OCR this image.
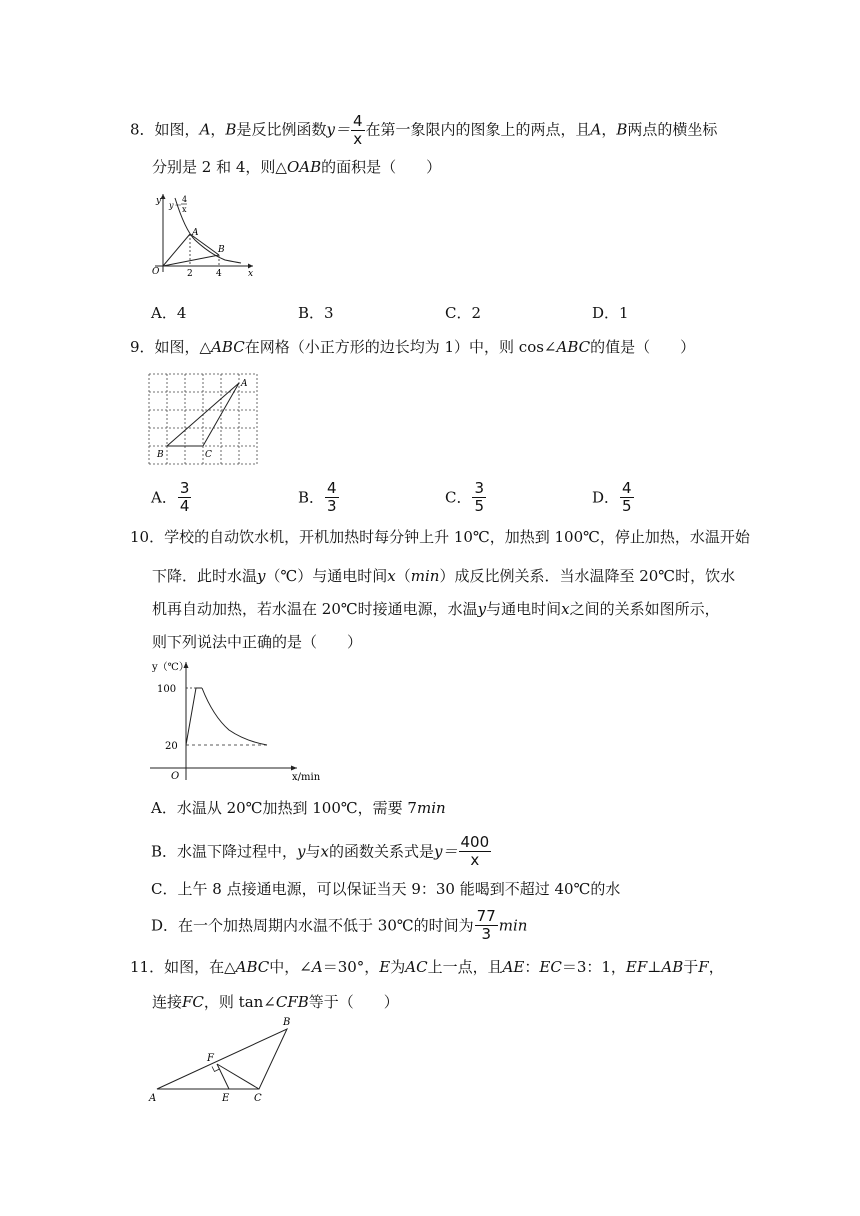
8．如图，A，B是反比例函数$y= \frac{4}{x}$ 在第一象限内的图象上的两点，且A，B两点的横坐标
分别是 2 和 4，则△OAB的面积是（　　）
y y＝
4
x
A
B
O	2	4	x
A．4	B．3	C．2	D．1
9．如图，△ABC在网格（小正方形的边长均为 1）中，则 cos∠ABC的值是（　　）
A
B	C
A． $\frac{3}{4}$	B． $\frac{4}{3}$	C． $\frac{3}{5}$	D． $\frac{4}{5}$
10．学校的自动饮水机，开机加热时每分钟上升 10℃，加热到 100℃，停止加热，水温开始
下降．此时水温y（℃）与通电时间x（min）成反比例关系．当水温降至 20℃时，饮水
机再自动加热，若水温在 20℃时接通电源，水温y与通电时间x之间的关系如图所示，
则下列说法中正确的是（　　）
y（℃）
100
20
O	x/min
A．水温从 20℃加热到 100℃，需要 7min
B．水温下降过程中，y与x的函数关系式是$y= \frac{400}{x}$
C．上午 8 点接通电源，可以保证当天 9：30 能喝到不超过 40℃的水
D．在一个加热周期内水温不低于 30℃的时间为 $\frac{77}{3}$ min
11．如图，在△ABC中，∠A＝30°，E为AC上一点，且AE：EC＝3：1，EF⊥AB于F，
连接FC，则 tan∠CFB等于（　　）
B
F
A	E C
